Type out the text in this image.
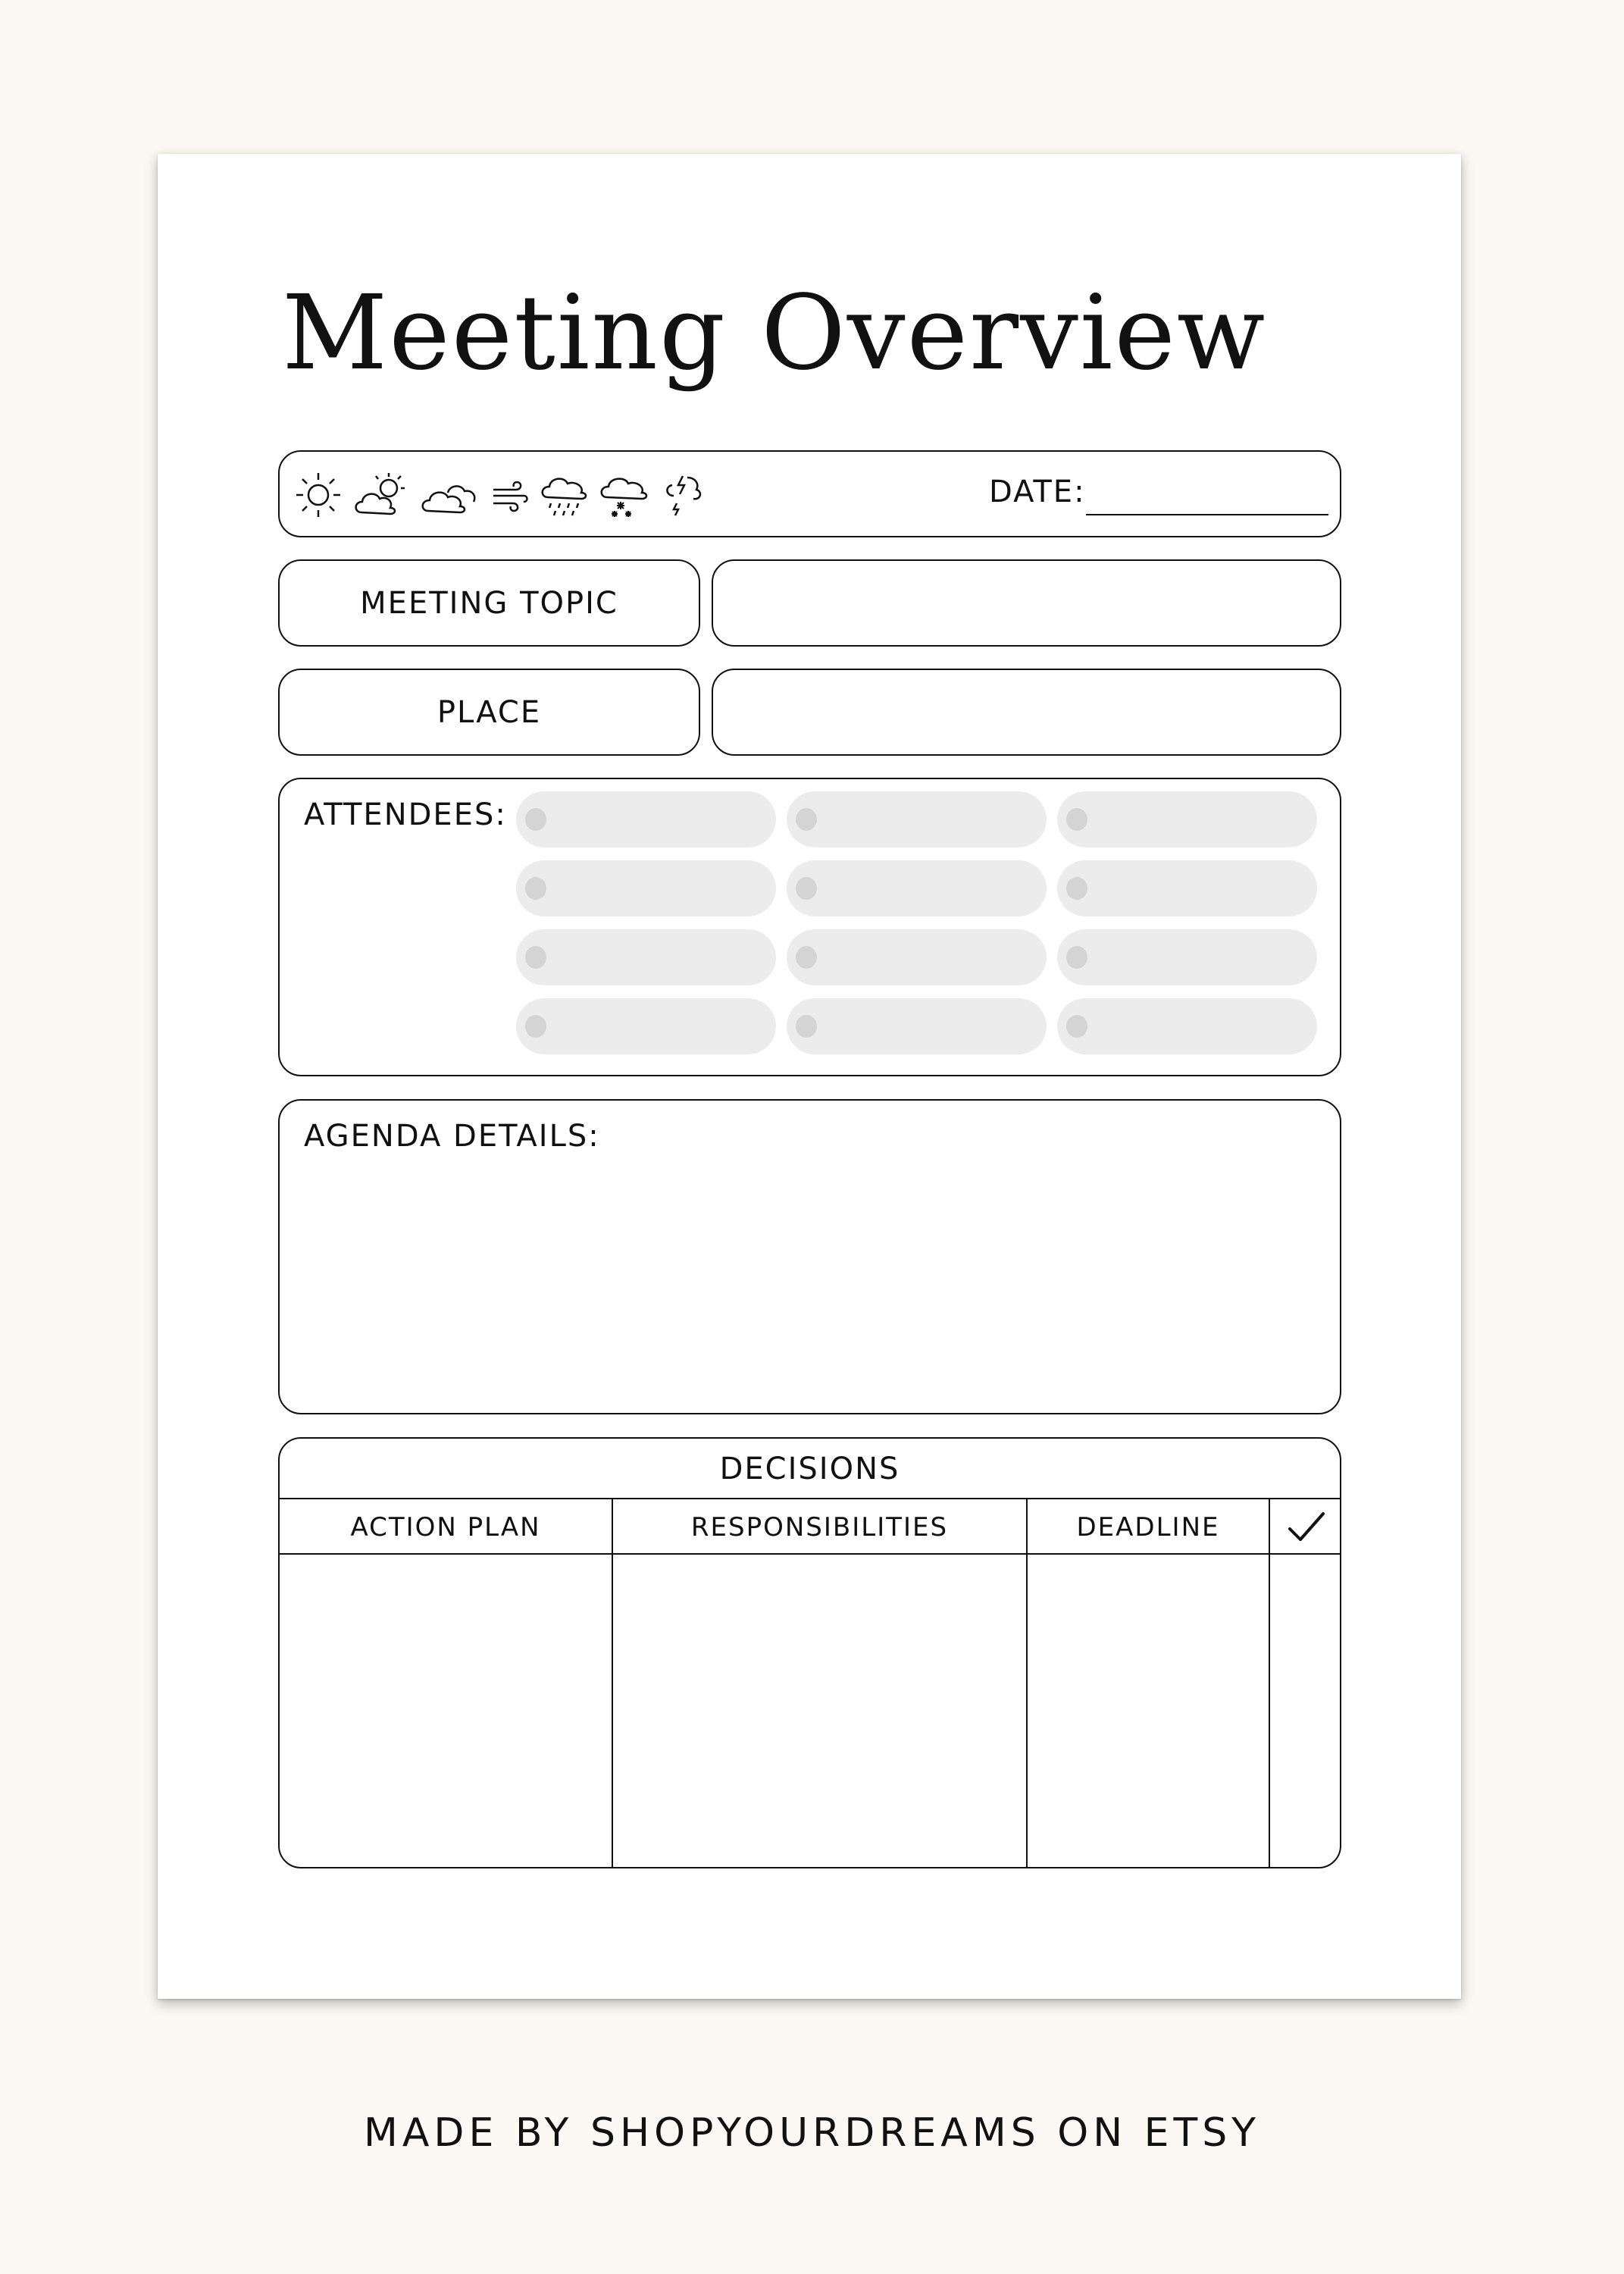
Meeting Overview
DATE:
MEETING TOPIC
PLACE
ATTENDEES:
AGENDA DETAILS:
DECISIONS
ACTION PLAN	RESPONSIBILITIES	DEADLINE
MADE BY SHOPYOURDREAMS ON ETSY
